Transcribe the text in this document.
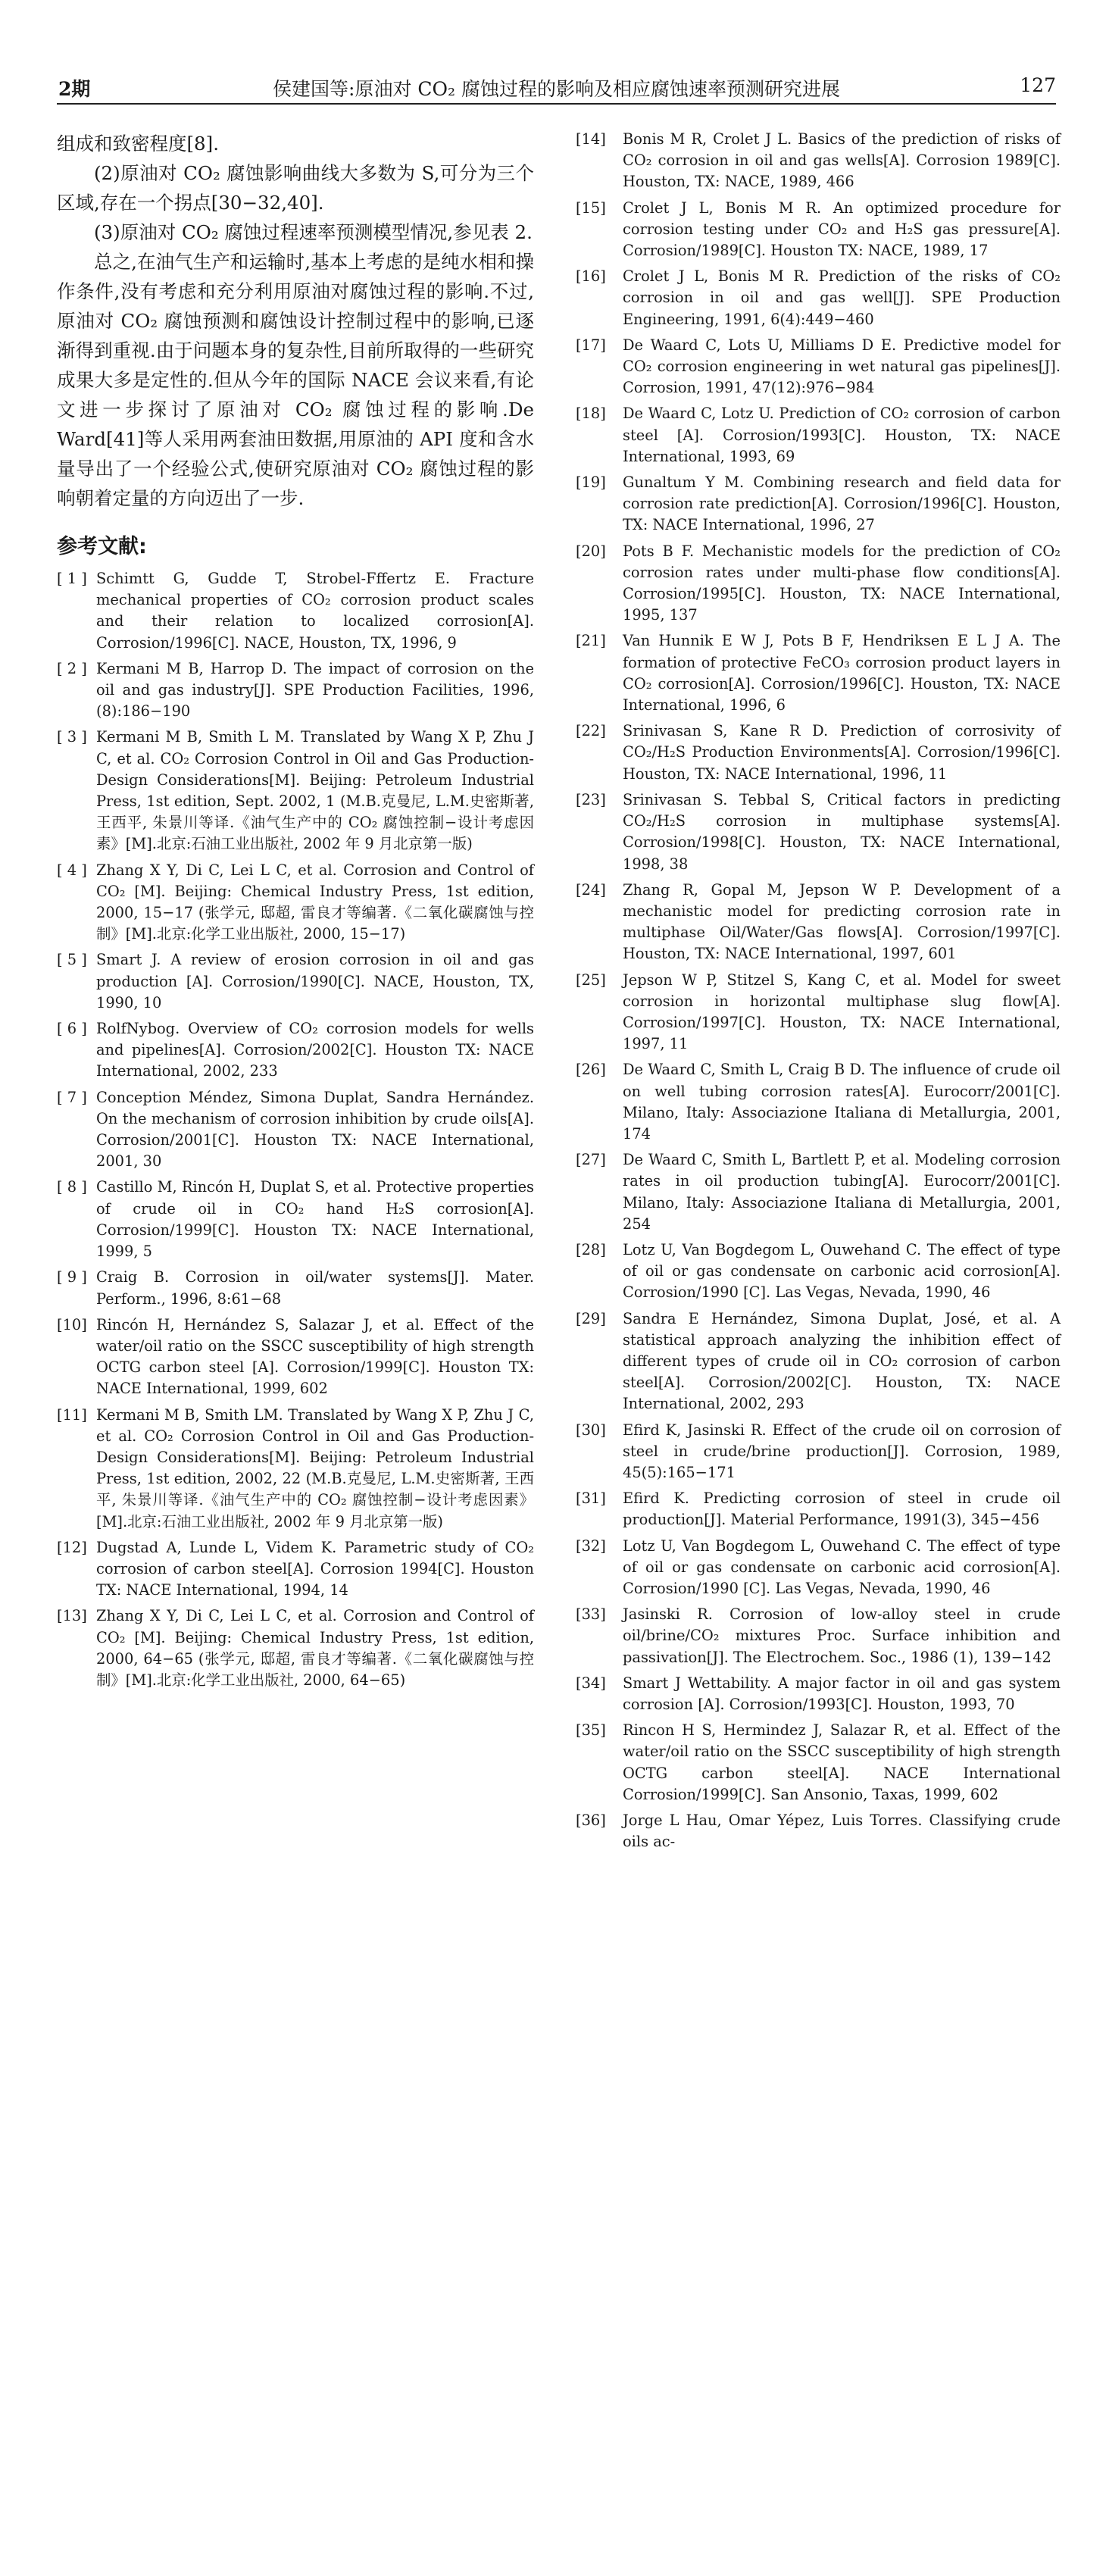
2期	侯建国等:原油对 CO₂ 腐蚀过程的影响及相应腐蚀速率预测研究进展	127

组成和致密程度[8].

(2)原油对 CO₂ 腐蚀影响曲线大多数为 S,可分为三个区域,存在一个拐点[30−32,40].

(3)原油对 CO₂ 腐蚀过程速率预测模型情况,参见表 2.

总之,在油气生产和运输时,基本上考虑的是纯水相和操作条件,没有考虑和充分利用原油对腐蚀过程的影响.不过,原油对 CO₂ 腐蚀预测和腐蚀设计控制过程中的影响,已逐渐得到重视.由于问题本身的复杂性,目前所取得的一些研究成果大多是定性的.但从今年的国际 NACE 会议来看,有论文进一步探讨了原油对 CO₂ 腐蚀过程的影响.De Ward[41]等人采用两套油田数据,用原油的 API 度和含水量导出了一个经验公式,使研究原油对 CO₂ 腐蚀过程的影响朝着定量的方向迈出了一步.

参考文献:
[ 1 ] Schimtt G, Gudde T, Strobel-Fffertz E. Fracture mechanical properties of CO₂ corrosion product scales and their relation to localized corrosion[A]. Corrosion/1996[C]. NACE, Houston, TX, 1996, 9
[ 2 ] Kermani M B, Harrop D. The impact of corrosion on the oil and gas industry[J]. SPE Production Facilities, 1996, (8):186−190
[ 3 ] Kermani M B, Smith L M. Translated by Wang X P, Zhu J C, et al. CO₂ Corrosion Control in Oil and Gas Production-Design Considerations[M]. Beijing: Petroleum Industrial Press, 1st edition, Sept. 2002, 1 (M.B.克曼尼, L.M.史密斯著, 王西平, 朱景川等译.《油气生产中的 CO₂ 腐蚀控制−设计考虑因素》[M].北京:石油工业出版社, 2002 年 9 月北京第一版)
[ 4 ] Zhang X Y, Di C, Lei L C, et al. Corrosion and Control of CO₂ [M]. Beijing: Chemical Industry Press, 1st edition, 2000, 15−17 (张学元, 邸超, 雷良才等编著.《二氧化碳腐蚀与控制》[M].北京:化学工业出版社, 2000, 15−17)
[ 5 ] Smart J. A review of erosion corrosion in oil and gas production [A]. Corrosion/1990[C]. NACE, Houston, TX, 1990, 10
[ 6 ] RolfNybog. Overview of CO₂ corrosion models for wells and pipelines[A]. Corrosion/2002[C]. Houston TX: NACE International, 2002, 233
[ 7 ] Conception Méndez, Simona Duplat, Sandra Hernández. On the mechanism of corrosion inhibition by crude oils[A]. Corrosion/2001[C]. Houston TX: NACE International, 2001, 30
[ 8 ] Castillo M, Rincón H, Duplat S, et al. Protective properties of crude oil in CO₂ hand H₂S corrosion[A]. Corrosion/1999[C]. Houston TX: NACE International, 1999, 5
[ 9 ] Craig B. Corrosion in oil/water systems[J]. Mater. Perform., 1996, 8:61−68
[10] Rincón H, Hernández S, Salazar J, et al. Effect of the water/oil ratio on the SSCC susceptibility of high strength OCTG carbon steel [A]. Corrosion/1999[C]. Houston TX: NACE International, 1999, 602
[11] Kermani M B, Smith LM. Translated by Wang X P, Zhu J C, et al. CO₂ Corrosion Control in Oil and Gas Production-Design Considerations[M]. Beijing: Petroleum Industrial Press, 1st edition, 2002, 22 (M.B.克曼尼, L.M.史密斯著, 王西平, 朱景川等译.《油气生产中的 CO₂ 腐蚀控制−设计考虑因素》[M].北京:石油工业出版社, 2002 年 9 月北京第一版)
[12] Dugstad A, Lunde L, Videm K. Parametric study of CO₂ corrosion of carbon steel[A]. Corrosion 1994[C]. Houston TX: NACE International, 1994, 14
[13] Zhang X Y, Di C, Lei L C, et al. Corrosion and Control of CO₂ [M]. Beijing: Chemical Industry Press, 1st edition, 2000, 64−65 (张学元, 邸超, 雷良才等编著.《二氧化碳腐蚀与控制》[M].北京:化学工业出版社, 2000, 64−65)
[14]	Bonis M R, Crolet J L. Basics of the prediction of risks of CO₂ corrosion in oil and gas wells[A]. Corrosion 1989[C]. Houston, TX: NACE, 1989, 466
[15]	Crolet J L, Bonis M R. An optimized procedure for corrosion testing under CO₂ and H₂S gas pressure[A]. Corrosion/1989[C]. Houston TX: NACE, 1989, 17
[16]	Crolet J L, Bonis M R. Prediction of the risks of CO₂ corrosion in oil and gas well[J]. SPE Production Engineering, 1991, 6(4):449−460
[17]	De Waard C, Lots U, Milliams D E. Predictive model for CO₂ corrosion engineering in wet natural gas pipelines[J]. Corrosion, 1991, 47(12):976−984
[18]	De Waard C, Lotz U. Prediction of CO₂ corrosion of carbon steel [A]. Corrosion/1993[C]. Houston, TX: NACE International, 1993, 69
[19]	Gunaltum Y M. Combining research and field data for corrosion rate prediction[A]. Corrosion/1996[C]. Houston, TX: NACE International, 1996, 27
[20]	Pots B F. Mechanistic models for the prediction of CO₂ corrosion rates under multi-phase flow conditions[A]. Corrosion/1995[C]. Houston, TX: NACE International, 1995, 137
[21]	Van Hunnik E W J, Pots B F, Hendriksen E L J A. The formation of protective FeCO₃ corrosion product layers in CO₂ corrosion[A]. Corrosion/1996[C]. Houston, TX: NACE International, 1996, 6
[22]	Srinivasan S, Kane R D. Prediction of corrosivity of CO₂/H₂S Production Environments[A]. Corrosion/1996[C]. Houston, TX: NACE International, 1996, 11
[23]	Srinivasan S. Tebbal S, Critical factors in predicting CO₂/H₂S corrosion in multiphase systems[A]. Corrosion/1998[C]. Houston, TX: NACE International, 1998, 38
[24]	Zhang R, Gopal M, Jepson W P. Development of a mechanistic model for predicting corrosion rate in multiphase Oil/Water/Gas flows[A]. Corrosion/1997[C]. Houston, TX: NACE International, 1997, 601
[25]	Jepson W P, Stitzel S, Kang C, et al. Model for sweet corrosion in horizontal multiphase slug flow[A]. Corrosion/1997[C]. Houston, TX: NACE International, 1997, 11
[26]	De Waard C, Smith L, Craig B D. The influence of crude oil on well tubing corrosion rates[A]. Eurocorr/2001[C]. Milano, Italy: Associazione Italiana di Metallurgia, 2001, 174
[27]	De Waard C, Smith L, Bartlett P, et al. Modeling corrosion rates in oil production tubing[A]. Eurocorr/2001[C]. Milano, Italy: Associazione Italiana di Metallurgia, 2001, 254
[28]	Lotz U, Van Bogdegom L, Ouwehand C. The effect of type of oil or gas condensate on carbonic acid corrosion[A]. Corrosion/1990 [C]. Las Vegas, Nevada, 1990, 46
[29]	Sandra E Hernández, Simona Duplat, José, et al. A statistical approach analyzing the inhibition effect of different types of crude oil in CO₂ corrosion of carbon steel[A]. Corrosion/2002[C]. Houston, TX: NACE International, 2002, 293
[30]	Efird K, Jasinski R. Effect of the crude oil on corrosion of steel in crude/brine production[J]. Corrosion, 1989, 45(5):165−171
[31]	Efird K. Predicting corrosion of steel in crude oil production[J]. Material Performance, 1991(3), 345−456
[32]	Lotz U, Van Bogdegom L, Ouwehand C. The effect of type of oil or gas condensate on carbonic acid corrosion[A]. Corrosion/1990 [C]. Las Vegas, Nevada, 1990, 46
[33]	Jasinski R. Corrosion of low-alloy steel in crude oil/brine/CO₂ mixtures Proc. Surface inhibition and passivation[J]. The Electrochem. Soc., 1986 (1), 139−142
[34]	Smart J Wettability. A major factor in oil and gas system corrosion [A]. Corrosion/1993[C]. Houston, 1993, 70
[35]	Rincon H S, Hermindez J, Salazar R, et al. Effect of the water/oil ratio on the SSCC susceptibility of high strength OCTG carbon steel[A]. NACE International Corrosion/1999[C]. San Ansonio, Taxas, 1999, 602
[36]	Jorge L Hau, Omar Yépez, Luis Torres. Classifying crude oils ac-
